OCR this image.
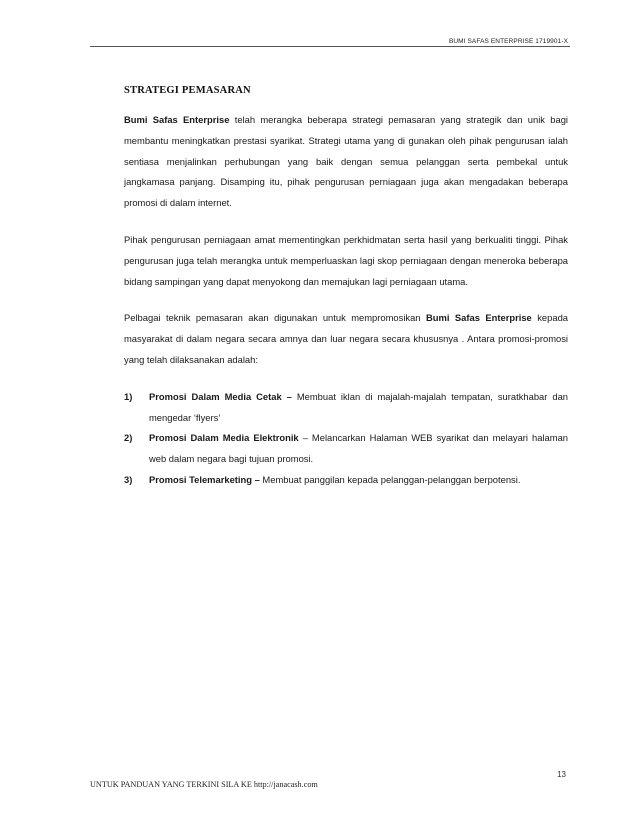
BUMI SAFAS ENTERPRISE 1719901-X
STRATEGI PEMASARAN

Bumi Safas Enterprise telah merangka beberapa strategi pemasaran yang strategik dan unik bagi membantu meningkatkan prestasi syarikat. Strategi utama yang di gunakan oleh pihak pengurusan ialah sentiasa menjalinkan perhubungan yang baik dengan semua pelanggan serta pembekal untuk jangkamasa panjang. Disamping itu, pihak pengurusan perniagaan juga akan mengadakan beberapa promosi di dalam internet.

Pihak pengurusan perniagaan amat mementingkan perkhidmatan serta hasil yang berkualiti tinggi. Pihak pengurusan juga telah merangka untuk memperluaskan lagi skop perniagaan dengan meneroka beberapa bidang sampingan yang dapat menyokong dan memajukan lagi perniagaan utama.

Pelbagai teknik pemasaran akan digunakan untuk mempromosikan Bumi Safas Enterprise kepada masyarakat di dalam negara secara amnya dan luar negara secara khususnya . Antara promosi-promosi yang telah dilaksanakan adalah:

1) Promosi Dalam Media Cetak – Membuat iklan di majalah-majalah tempatan, suratkhabar dan mengedar ‘flyers’
2) Promosi Dalam Media Elektronik – Melancarkan Halaman WEB syarikat dan melayari halaman web dalam negara bagi tujuan promosi.
3) Promosi Telemarketing – Membuat panggilan kepada pelanggan-pelanggan berpotensi.
13
UNTUK PANDUAN YANG TERKINI SILA KE http://janacash.com
